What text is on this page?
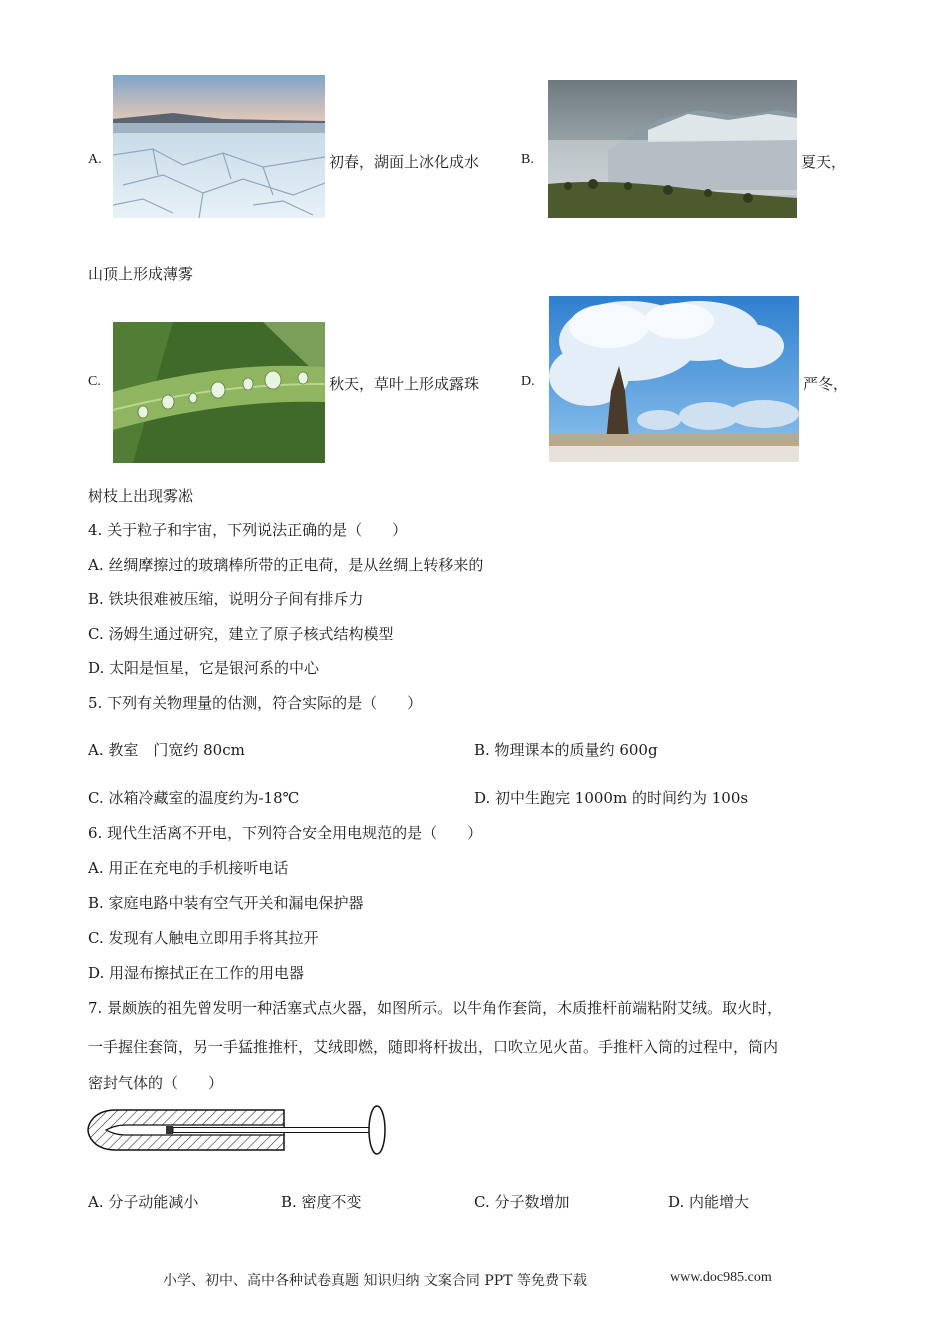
A.	初春，湖面上冰化成水	B.	夏天，
山顶上形成薄雾
C.	秋天，草叶上形成露珠	D.	严冬，
树枝上出现雾凇
4. 关于粒子和宇宙，下列说法正确的是（　　）
A. 丝绸摩擦过的玻璃棒所带的正电荷，是从丝绸上转移来的
B. 铁块很难被压缩，说明分子间有排斥力
C. 汤姆生通过研究，建立了原子核式结构模型
D. 太阳是恒星，它是银河系的中心
5. 下列有关物理量的估测，符合实际的是（　　）
A. 教室　门宽约 80cm	B. 物理课本的质量约 600g
C. 冰箱冷藏室的温度约为-18℃	D. 初中生跑完 1000m 的时间约为 100s
6. 现代生活离不开电，下列符合安全用电规范的是（　　）
A. 用正在充电的手机接听电话
B. 家庭电路中装有空气开关和漏电保护器
C. 发现有人触电立即用手将其拉开
D. 用湿布擦拭正在工作的用电器
7. 景颇族的祖先曾发明一种活塞式点火器，如图所示。以牛角作套筒，木质推杆前端粘附艾绒。取火时，
一手握住套筒，另一手猛推推杆，艾绒即燃，随即将杆拔出，口吹立见火苗。手推杆入筒的过程中，筒内
密封气体的（　　）
A. 分子动能减小	B. 密度不变	C. 分子数增加	D. 内能增大
小学、初中、高中各种试卷真题 知识归纳 文案合同 PPT 等免费下载	www.doc985.com
